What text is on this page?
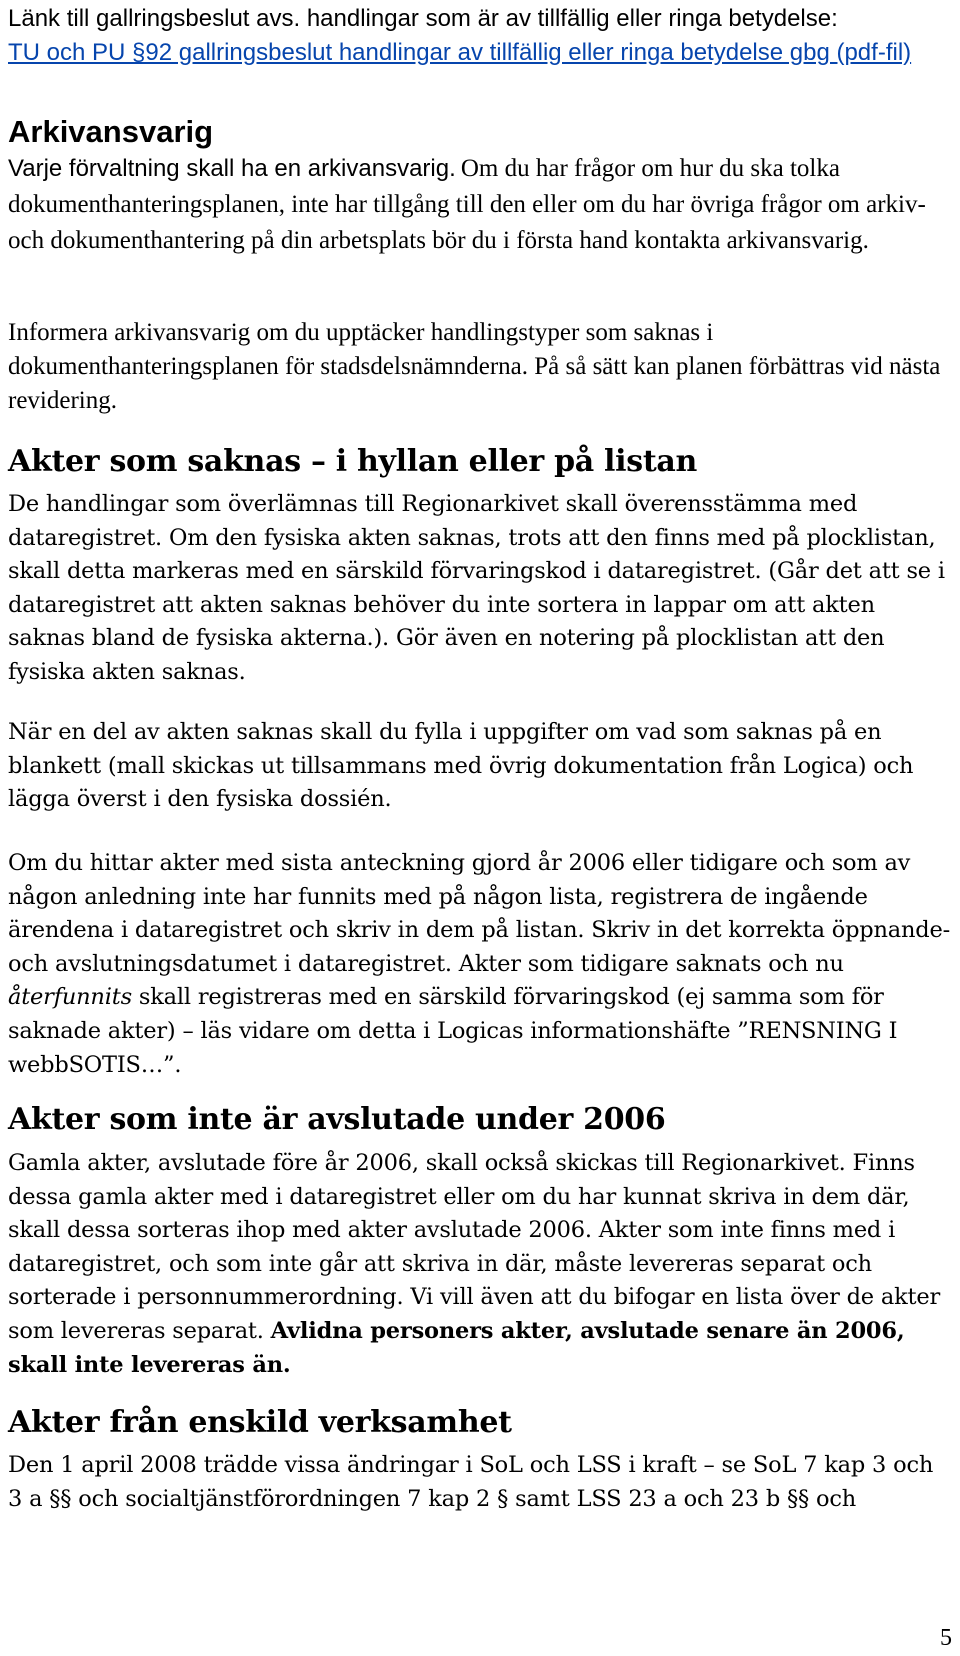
Länk till gallringsbeslut avs. handlingar som är av tillfällig eller ringa betydelse:
TU och PU §92 gallringsbeslut handlingar av tillfällig eller ringa betydelse gbg (pdf-fil)

Arkivansvarig

Varje förvaltning skall ha en arkivansvarig. Om du har frågor om hur du ska tolka dokumenthanteringsplanen, inte har tillgång till den eller om du har övriga frågor om arkiv- och dokumenthantering på din arbetsplats bör du i första hand kontakta arkivansvarig.

Informera arkivansvarig om du upptäcker handlingstyper som saknas i dokumenthanteringsplanen för stadsdelsnämnderna. På så sätt kan planen förbättras vid nästa revidering.

Akter som saknas – i hyllan eller på listan

De handlingar som överlämnas till Regionarkivet skall överensstämma med dataregistret. Om den fysiska akten saknas, trots att den finns med på plocklistan, skall detta markeras med en särskild förvaringskod i dataregistret. (Går det att se i dataregistret att akten saknas behöver du inte sortera in lappar om att akten saknas bland de fysiska akterna.). Gör även en notering på plocklistan att den fysiska akten saknas.

När en del av akten saknas skall du fylla i uppgifter om vad som saknas på en blankett (mall skickas ut tillsammans med övrig dokumentation från Logica) och lägga överst i den fysiska dossién.

Om du hittar akter med sista anteckning gjord år 2006 eller tidigare och som av någon anledning inte har funnits med på någon lista, registrera de ingående ärendena i dataregistret och skriv in dem på listan. Skriv in det korrekta öppnande- och avslutningsdatumet i dataregistret. Akter som tidigare saknats och nu återfunnits skall registreras med en särskild förvaringskod (ej samma som för saknade akter) – läs vidare om detta i Logicas informationshäfte ”RENSNING I webbSOTIS…”.

Akter som inte är avslutade under 2006

Gamla akter, avslutade före år 2006, skall också skickas till Regionarkivet. Finns dessa gamla akter med i dataregistret eller om du har kunnat skriva in dem där, skall dessa sorteras ihop med akter avslutade 2006. Akter som inte finns med i dataregistret, och som inte går att skriva in där, måste levereras separat och sorterade i personnummerordning. Vi vill även att du bifogar en lista över de akter som levereras separat. Avlidna personers akter, avslutade senare än 2006, skall inte levereras än.

Akter från enskild verksamhet

Den 1 april 2008 trädde vissa ändringar i SoL och LSS i kraft – se SoL 7 kap 3 och 3 a §§ och socialtjänstförordningen 7 kap 2 § samt LSS 23 a och 23 b §§ och

5
